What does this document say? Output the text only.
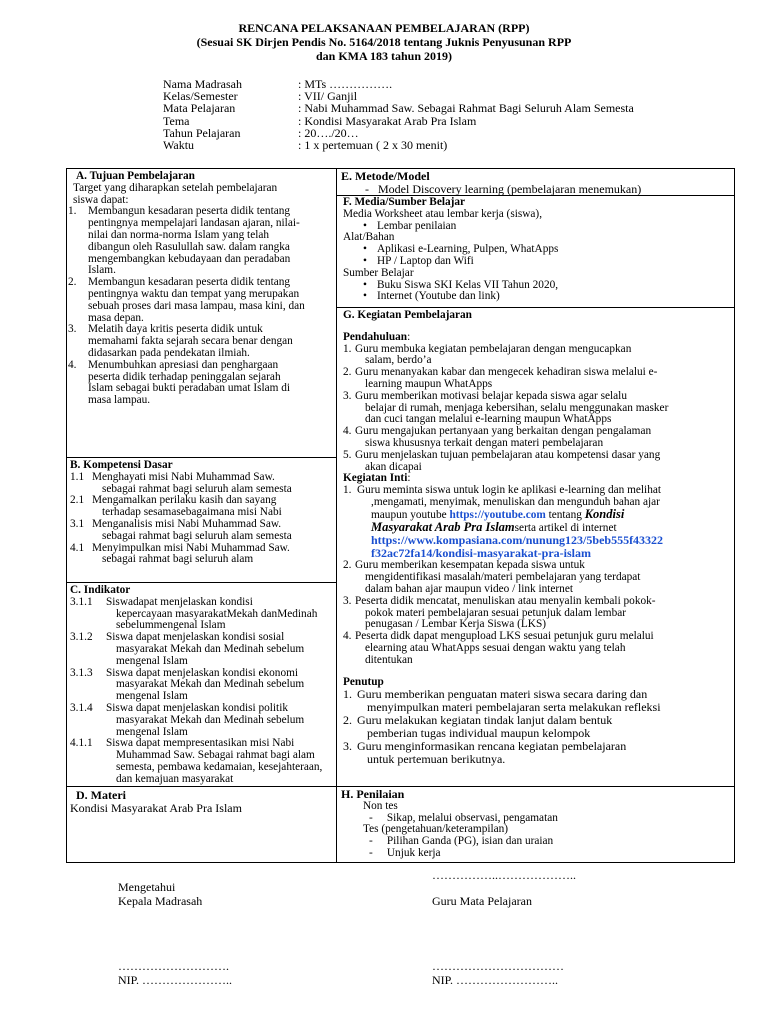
RENCANA PELAKSANAAN PEMBELAJARAN (RPP)
(Sesuai SK Dirjen Pendis No. 5164/2018 tentang Juknis Penyusunan RPP
dan KMA 183 tahun 2019)
Nama Madrasah	: MTs …………….
Kelas/Semester	: VII/ Ganjil
Mata Pelajaran	: Nabi Muhammad Saw. Sebagai Rahmat Bagi Seluruh Alam Semesta
Tema	: Kondisi Masyarakat Arab Pra Islam
Tahun Pelajaran	: 20…./20…
Waktu	: 1 x pertemuan ( 2 x 30 menit)
A. Tujuan Pembelajaran

Target yang diharapkan setelah pembelajaran

siswa dapat:

1.	Membangun kesadaran peserta didik tentang
pentingnya mempelajari landasan ajaran, nilai-
nilai dan norma-norma Islam yang telah
dibangun oleh Rasulullah saw. dalam rangka
mengembangkan kebudayaan dan peradaban
Islam.
2.	Membangun kesadaran peserta didik tentang
pentingnya waktu dan tempat yang merupakan
sebuah proses dari masa lampau, masa kini, dan
masa depan.
3.	Melatih daya kritis peserta didik untuk
memahami fakta sejarah secara benar dengan
didasarkan pada pendekatan ilmiah.
4.	Menumbuhkan apresiasi dan penghargaan
peserta didik terhadap peninggalan sejarah
Islam sebagai bukti peradaban umat Islam di
masa lampau.
B. Kompetensi Dasar
1.1 Menghayati misi Nabi Muhammad Saw.
sebagai rahmat bagi seluruh alam semesta
2.1 Mengamalkan perilaku kasih dan sayang
terhadap sesamasebagaimana misi Nabi
3.1 Menganalisis misi Nabi Muhammad Saw.
sebagai rahmat bagi seluruh alam semesta
4.1 Menyimpulkan misi Nabi Muhammad Saw.
sebagai rahmat bagi seluruh alam
C. Indikator
3.1.1	Siswadapat menjelaskan kondisi
kepercayaan masyarakatMekah danMedinah
sebelummengenal Islam
3.1.2	Siswa dapat menjelaskan kondisi sosial
masyarakat Mekah dan Medinah sebelum
mengenal Islam
3.1.3	Siswa dapat menjelaskan kondisi ekonomi
masyarakat Mekah dan Medinah sebelum
mengenal Islam
3.1.4	Siswa dapat menjelaskan kondisi politik
masyarakat Mekah dan Medinah sebelum
mengenal Islam
4.1.1	Siswa dapat mempresentasikan misi Nabi
Muhammad Saw. Sebagai rahmat bagi alam
semesta, pembawa kedamaian, kesejahteraan,
dan kemajuan masyarakat
D. Materi
Kondisi Masyarakat Arab Pra Islam
E. Metode/Model
-   Model Discovery learning (pembelajaran menemukan)
F. Media/Sumber Belajar
Media Worksheet atau lembar kerja (siswa),
• Lembar penilaian
Alat/Bahan
• Aplikasi e-Learning, Pulpen, WhatApps
• HP / Laptop dan Wifi
Sumber Belajar
• Buku Siswa SKI Kelas VII Tahun 2020,
• Internet (Youtube dan link)
G. Kegiatan Pembelajaran
Pendahuluan:
1. Guru membuka kegiatan pembelajaran dengan mengucapkan
salam, berdo’a
2. Guru menanyakan kabar dan mengecek kehadiran siswa melalui e-
learning maupun WhatApps
3. Guru memberikan motivasi belajar kepada siswa agar selalu
belajar di rumah, menjaga kebersihan, selalu menggunakan masker
dan cuci tangan melalui e-learning maupun WhatApps
4. Guru mengajukan pertanyaan yang berkaitan dengan pengalaman
siswa khususnya terkait dengan materi pembelajaran
5. Guru menjelaskan tujuan pembelajaran atau kompetensi dasar yang
akan dicapai
Kegiatan Inti:
1. Guru meminta siswa untuk login ke aplikasi e-learning dan melihat
,mengamati, menyimak, menuliskan dan mengunduh bahan ajar
maupun youtube https://youtube.com tentang Kondisi
Masyarakat Arab Pra Islamserta artikel di internet
https://www.kompasiana.com/nunung123/5beb555f43322
f32ac72fa14/kondisi-masyarakat-pra-islam
2. Guru memberikan kesempatan kepada siswa untuk
mengidentifikasi masalah/materi pembelajaran yang terdapat
dalam bahan ajar maupun video / link internet
3. Peserta didik mencatat, menuliskan atau menyalin kembali pokok-
pokok materi pembelajaran sesuai petunjuk dalam lembar
penugasan / Lembar Kerja Siswa (LKS)
4. Peserta didk dapat mengupload LKS sesuai petunjuk guru melalui
elearning atau WhatApps sesuai dengan waktu yang telah
ditentukan
Penutup
1. Guru memberikan penguatan materi siswa secara daring dan
menyimpulkan materi pembelajaran serta melakukan refleksi
2. Guru melakukan kegiatan tindak lanjut dalam bentuk
pemberian tugas individual maupun kelompok
3. Guru menginformasikan rencana kegiatan pembelajaran
untuk pertemuan berikutnya.
H. Penilaian
Non tes
-     Sikap, melalui observasi, pengamatan
Tes (pengetahuan/keterampilan)
-     Pilihan Ganda (PG), isian dan uraian
-     Unjuk kerja
……………..………………..
Mengetahui
Kepala Madrasah	Guru Mata Pelajaran
……………………….
NIP. …………………..
……………………………
NIP. ……………………..
